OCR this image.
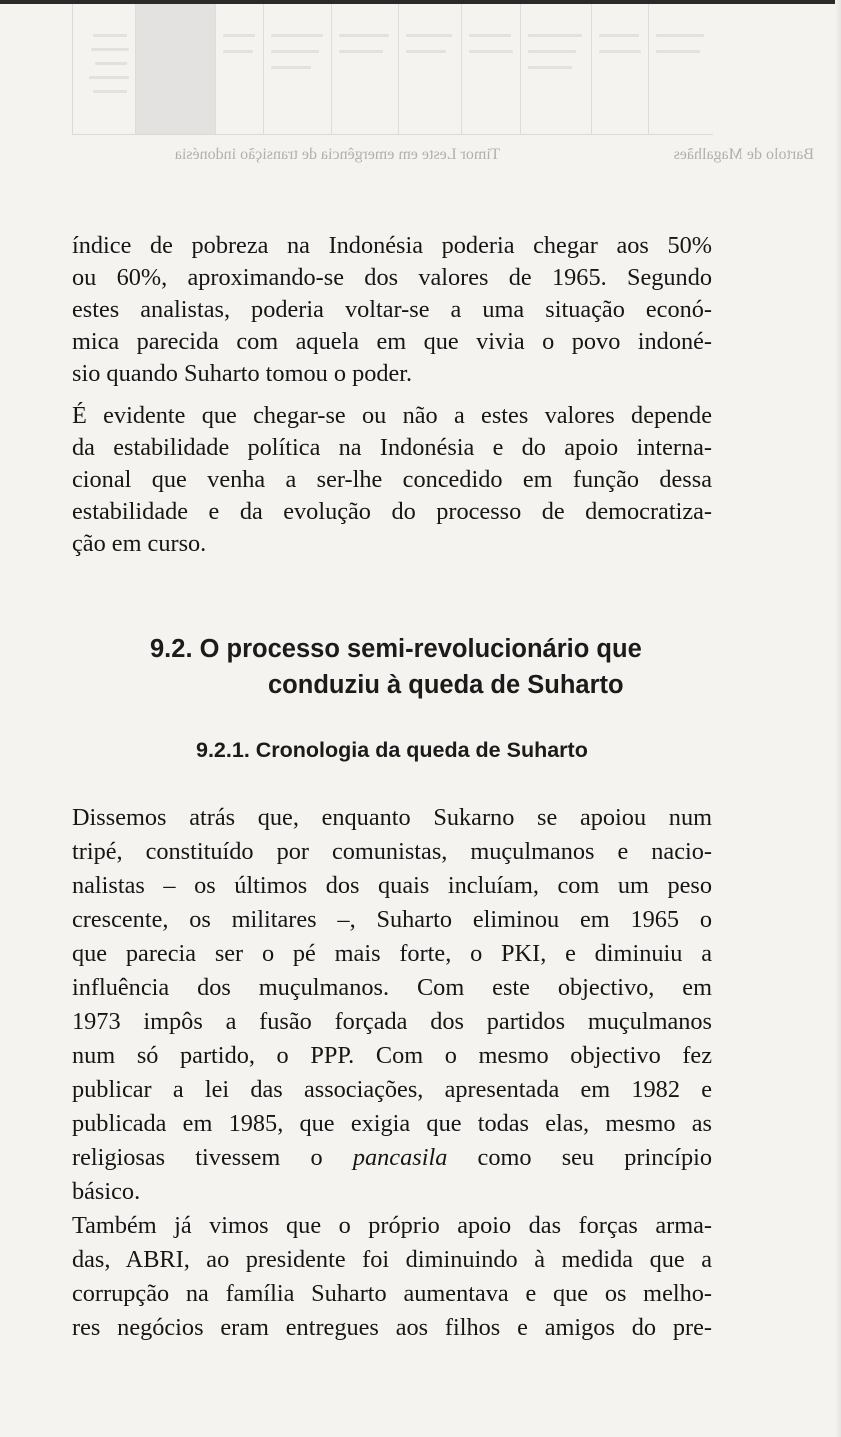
Bartolo de Magalhães
Timor Leste em emergência de transição indonésia
índice de pobreza na Indonésia poderia chegar aos 50%
ou 60%, aproximando-se dos valores de 1965. Segundo
estes analistas, poderia voltar-se a uma situação econó-
mica parecida com aquela em que vivia o povo indoné-
sio quando Suharto tomou o poder.
É evidente que chegar-se ou não a estes valores depende
da estabilidade política na Indonésia e do apoio interna-
cional que venha a ser-lhe concedido em função dessa
estabilidade e da evolução do processo de democratiza-
ção em curso.
9.2. O processo semi-revolucionário que
conduziu à queda de Suharto
9.2.1. Cronologia da queda de Suharto
Dissemos atrás que, enquanto Sukarno se apoiou num
tripé, constituído por comunistas, muçulmanos e nacio-
nalistas – os últimos dos quais incluíam, com um peso
crescente, os militares –, Suharto eliminou em 1965 o
que parecia ser o pé mais forte, o PKI, e diminuiu a
influência dos muçulmanos. Com este objectivo, em
1973 impôs a fusão forçada dos partidos muçulmanos
num só partido, o PPP. Com o mesmo objectivo fez
publicar a lei das associações, apresentada em 1982 e
publicada em 1985, que exigia que todas elas, mesmo as
religiosas tivessem o pancasila como seu princípio
básico.
Também já vimos que o próprio apoio das forças arma-
das, ABRI, ao presidente foi diminuindo à medida que a
corrupção na família Suharto aumentava e que os melho-
res negócios eram entregues aos filhos e amigos do pre-
